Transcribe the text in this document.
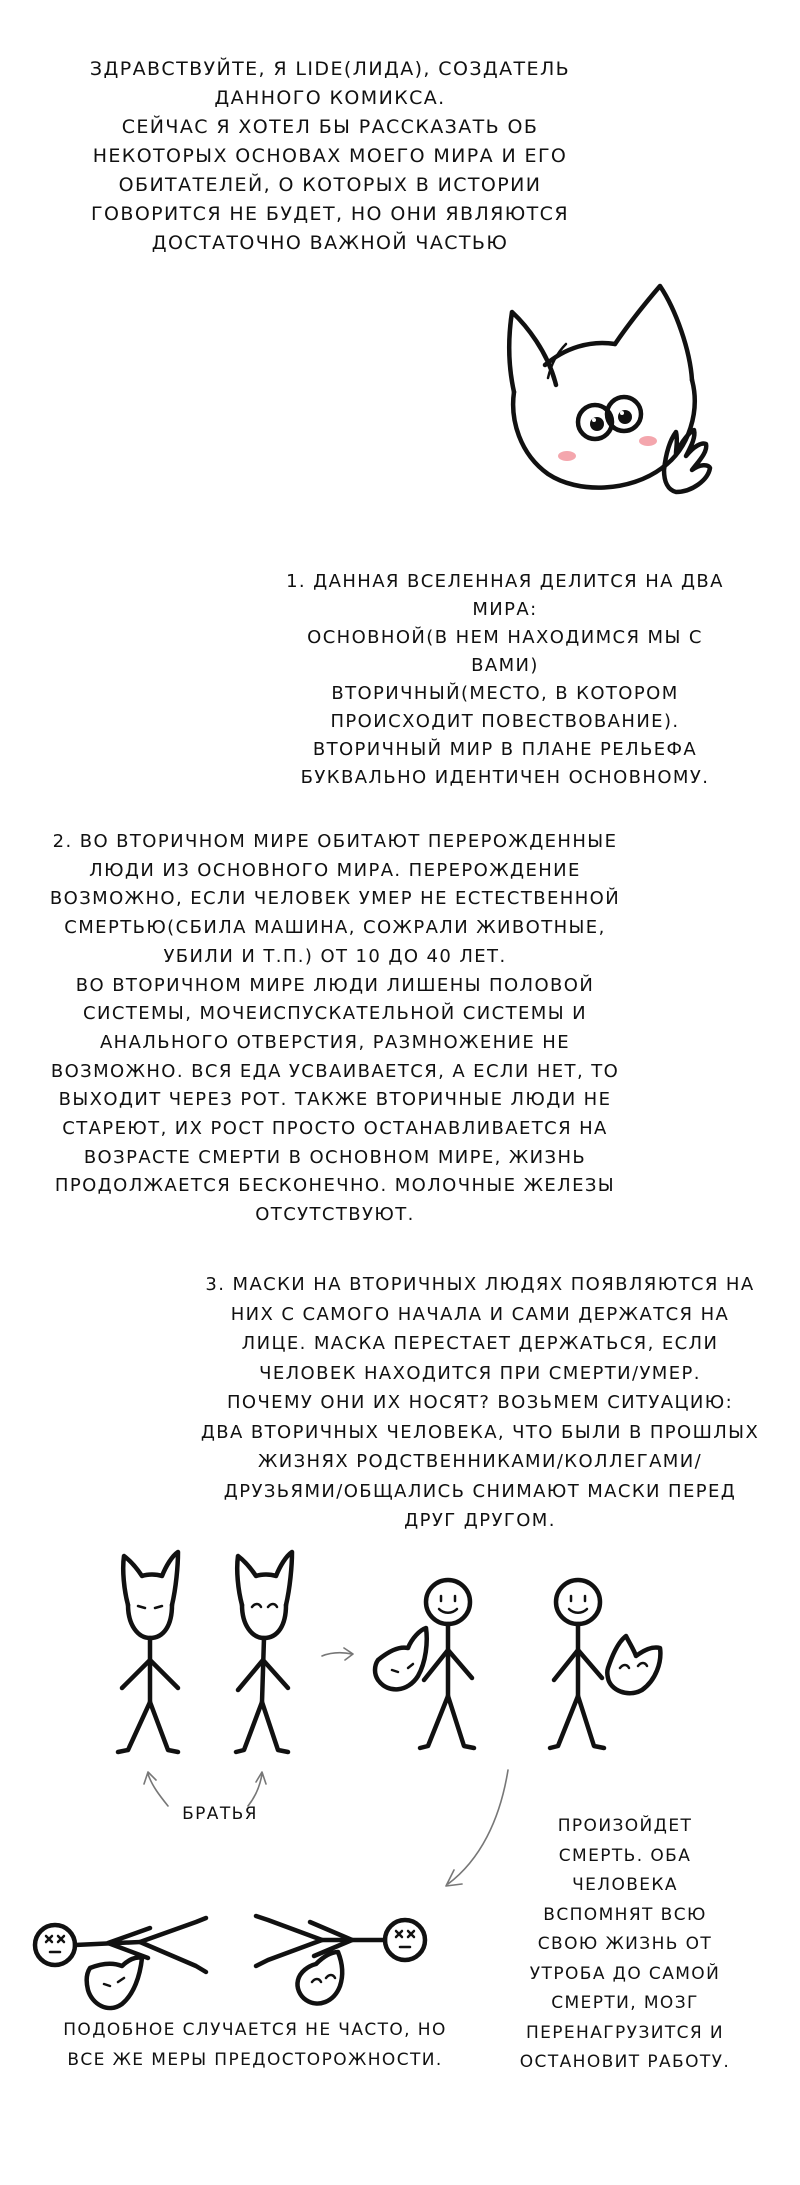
ЗДРАВСТВУЙТЕ, Я LIDE(ЛИДА), СОЗДАТЕЛЬ

ДАННОГО КОМИКСА.

СЕЙЧАС Я ХОТЕЛ БЫ РАССКАЗАТЬ ОБ

НЕКОТОРЫХ ОСНОВАХ МОЕГО МИРА И ЕГО

ОБИТАТЕЛЕЙ, О КОТОРЫХ В ИСТОРИИ

ГОВОРИТСЯ НЕ БУДЕТ, НО ОНИ ЯВЛЯЮТСЯ

ДОСТАТОЧНО ВАЖНОЙ ЧАСТЬЮ

1. ДАННАЯ ВСЕЛЕННАЯ ДЕЛИТСЯ НА ДВА

МИРА:

ОСНОВНОЙ(В НЕМ НАХОДИМСЯ МЫ С

ВАМИ)

ВТОРИЧНЫЙ(МЕСТО, В КОТОРОМ

ПРОИСХОДИТ ПОВЕСТВОВАНИЕ).

ВТОРИЧНЫЙ МИР В ПЛАНЕ РЕЛЬЕФА

БУКВАЛЬНО ИДЕНТИЧЕН ОСНОВНОМУ.

2. ВО ВТОРИЧНОМ МИРЕ ОБИТАЮТ ПЕРЕРОЖДЕННЫЕ

ЛЮДИ ИЗ ОСНОВНОГО МИРА. ПЕРЕРОЖДЕНИЕ

ВОЗМОЖНО, ЕСЛИ ЧЕЛОВЕК УМЕР НЕ ЕСТЕСТВЕННОЙ

СМЕРТЬЮ(СБИЛА МАШИНА, СОЖРАЛИ ЖИВОТНЫЕ,

УБИЛИ И Т.П.) ОТ 10 ДО 40 ЛЕТ.

ВО ВТОРИЧНОМ МИРЕ ЛЮДИ ЛИШЕНЫ ПОЛОВОЙ

СИСТЕМЫ, МОЧЕИСПУСКАТЕЛЬНОЙ СИСТЕМЫ И

АНАЛЬНОГО ОТВЕРСТИЯ, РАЗМНОЖЕНИЕ НЕ

ВОЗМОЖНО. ВСЯ ЕДА УСВАИВАЕТСЯ, А ЕСЛИ НЕТ, ТО

ВЫХОДИТ ЧЕРЕЗ РОТ. ТАКЖЕ ВТОРИЧНЫЕ ЛЮДИ НЕ

СТАРЕЮТ, ИХ РОСТ ПРОСТО ОСТАНАВЛИВАЕТСЯ НА

ВОЗРАСТЕ СМЕРТИ В ОСНОВНОМ МИРЕ, ЖИЗНЬ

ПРОДОЛЖАЕТСЯ БЕСКОНЕЧНО. МОЛОЧНЫЕ ЖЕЛЕЗЫ

ОТСУТСТВУЮТ.

3. МАСКИ НА ВТОРИЧНЫХ ЛЮДЯХ ПОЯВЛЯЮТСЯ НА

НИХ С САМОГО НАЧАЛА И САМИ ДЕРЖАТСЯ НА

ЛИЦЕ. МАСКА ПЕРЕСТАЕТ ДЕРЖАТЬСЯ, ЕСЛИ

ЧЕЛОВЕК НАХОДИТСЯ ПРИ СМЕРТИ/УМЕР.

ПОЧЕМУ ОНИ ИХ НОСЯТ? ВОЗЬМЕМ СИТУАЦИЮ:

ДВА ВТОРИЧНЫХ ЧЕЛОВЕКА, ЧТО БЫЛИ В ПРОШЛЫХ

ЖИЗНЯХ РОДСТВЕННИКАМИ/КОЛЛЕГАМИ/

ДРУЗЬЯМИ/ОБЩАЛИСЬ СНИМАЮТ МАСКИ ПЕРЕД

ДРУГ ДРУГОМ.

БРАТЬЯ

ПРОИЗОЙДЕТ

СМЕРТЬ. ОБА

ЧЕЛОВЕКА

ВСПОМНЯТ ВСЮ

СВОЮ ЖИЗНЬ ОТ

УТРОБА ДО САМОЙ

СМЕРТИ, МОЗГ

ПЕРЕНАГРУЗИТСЯ И

ОСТАНОВИТ РАБОТУ.

ПОДОБНОЕ СЛУЧАЕТСЯ НЕ ЧАСТО, НО

ВСЕ ЖЕ МЕРЫ ПРЕДОСТОРОЖНОСТИ.
